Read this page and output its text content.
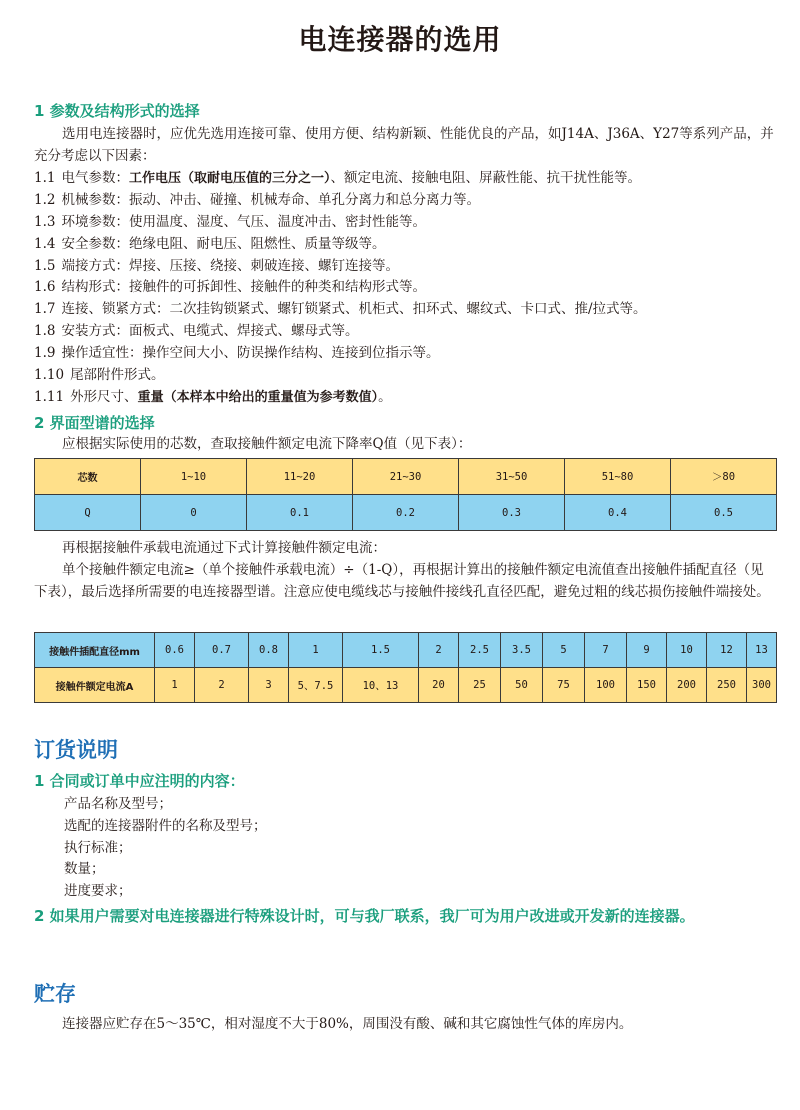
电连接器的选用
1 参数及结构形式的选择
选用电连接器时，应优先选用连接可靠、使用方便、结构新颖、性能优良的产品，如J14A、J36A、Y27等系列产品，并充分考虑以下因素：
1.1 电气参数：工作电压（取耐电压值的三分之一）、额定电流、接触电阻、屏蔽性能、抗干扰性能等。
1.2 机械参数：振动、冲击、碰撞、机械寿命、单孔分离力和总分离力等。
1.3 环境参数：使用温度、湿度、气压、温度冲击、密封性能等。
1.4 安全参数：绝缘电阻、耐电压、阻燃性、质量等级等。
1.5 端接方式：焊接、压接、绕接、刺破连接、螺钉连接等。
1.6 结构形式：接触件的可拆卸性、接触件的种类和结构形式等。
1.7 连接、锁紧方式：二次挂钩锁紧式、螺钉锁紧式、机柜式、扣环式、螺纹式、卡口式、推/拉式等。
1.8 安装方式：面板式、电缆式、焊接式、螺母式等。
1.9 操作适宜性：操作空间大小、防误操作结构、连接到位指示等。
1.10 尾部附件形式。
1.11 外形尺寸、重量（本样本中给出的重量值为参考数值）。
2 界面型谱的选择
应根据实际使用的芯数，查取接触件额定电流下降率Q值（见下表）：
芯数	1~10	11~20	21~30	31~50	51~80	＞80
Q	0	0.1	0.2	0.3	0.4	0.5
再根据接触件承载电流通过下式计算接触件额定电流：
单个接触件额定电流≥（单个接触件承载电流）÷（1-Q），再根据计算出的接触件额定电流值查出接触件插配直径（见下表），最后选择所需要的电连接器型谱。注意应使电缆线芯与接触件接线孔直径匹配，避免过粗的线芯损伤接触件端接处。
接触件插配直径mm	0.6	0.7	0.8	1	1.5	2	2.5	3.5	5	7	9	10	12	13
接触件额定电流A	1	2	3	5、7.5	10、13	20	25	50	75	100	150	200	250	300
订货说明
1 合同或订单中应注明的内容：
产品名称及型号；
选配的连接器附件的名称及型号；
执行标准；
数量；
进度要求；
2 如果用户需要对电连接器进行特殊设计时，可与我厂联系，我厂可为用户改进或开发新的连接器。
贮存
连接器应贮存在5～35℃，相对湿度不大于80%，周围没有酸、碱和其它腐蚀性气体的库房内。
